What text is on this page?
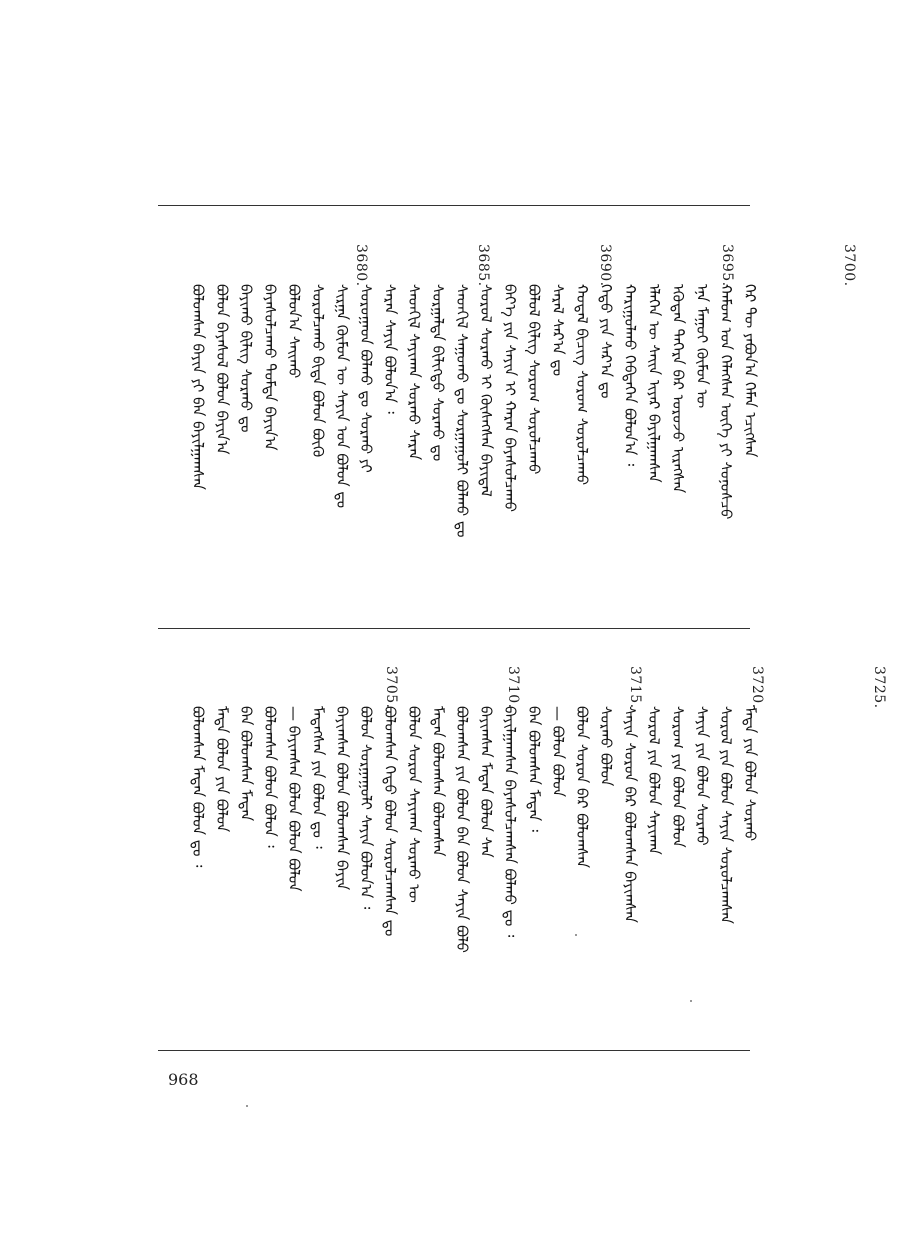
3700.
3695.
3690.
3685.
3680.
ᠭᠡᠷ ᠲᠦ ᠶᠠᠪᠤᠨ᠎ᠠ ᠬᠡᠮᠡᠨ ᠡᠴᠢᠭᠰᠡᠨ
ᠬᠠᠮᠤᠭ ᠤᠨ ᠬᠡᠯᠡᠭᠰᠡᠨ ᠦᠭᠡ ᠶᠢ ᠰᠣᠨᠣᠰᠴᠤ
ᠡᠨᠡ ᠮᠠᠭᠤᠢ ᠬᠦᠮᠦᠨ ᠦ
ᠡᠭᠦᠳᠡᠨ ᠳᠡᠭᠡᠷᠡ ᠪᠡᠷ ᠣᠷᠣᠵᠤ ᠢᠷᠡᠭᠰᠡᠨ
ᠡᠯᠡᠭᠡᠨ ᠦ ᠰᠠᠢᠨ ᠢᠶᠠᠷ ᠪᠠᠶᠢᠯᠭᠠᠭᠰᠠᠨ
ᠬᠠᠷᠢᠭᠤᠯᠬᠤ ᠬᠡᠪᠲᠡᠭᠡᠨ ᠪᠣᠯᠤᠨ᠎ᠠ ᠄
ᠬᠡᠳᠦ ᠶᠢᠨ ᠰᠠᠷ᠎ᠠ ᠳᠤ
ᠬᠤᠳᠠᠯ ᠪᠢᠴᠢᠭ ᠰᠤᠷᠤᠭ ᠰᠤᠷᠤᠯᠴᠠᠬᠤ
ᠰᠠᠷᠠᠯ ᠰᠠᠷ᠎ᠠ ᠳᠤ
ᠪᠣᠯᠤᠯ ᠪᠢᠯᠢᠭ ᠰᠤᠷᠤᠭ ᠰᠤᠷᠤᠯᠴᠠᠬᠤ
ᠪᠡᠶ᠎ᠡ ᠶᠢᠨ ᠰᠠᠶᠢᠨ ᠢ ᠬᠠᠷᠠᠨ ᠪᠠᠶᠠᠰᠤᠯᠴᠠᠬᠤ
ᠰᠤᠷᠤᠯ ᠰᠤᠷᠬᠤ ᠢ ᠬᠦᠰᠡᠭᠰᠡᠨ ᠪᠠᠶᠢᠳᠠᠯ
ᠰᠡᠳᠬᠢᠯ ᠰᠠᠭᠤᠬᠤ ᠳᠤ ᠰᠤᠷᠭᠠᠭᠤᠯᠢ ᠪᠣᠯᠬᠤ ᠳᠤ
ᠰᠤᠷᠭᠠᠯᠳᠠ ᠪᠢᠯᠢᠭᠲᠦ ᠰᠤᠷᠬᠤ ᠳᠤ
ᠰᠡᠳᠬᠢᠯ ᠰᠠᠶᠢᠬᠠᠨ ᠰᠤᠷᠬᠤ ᠰᠠᠷᠠᠨ
ᠰᠠᠷᠠᠨ ᠰᠠᠶᠢᠨ ᠪᠣᠯᠤᠨ᠎ᠠ ᠄
ᠰᠤᠷᠤᠭᠠᠳ ᠪᠣᠯᠬᠤ ᠳᠤ ᠰᠤᠷᠬᠤ ᠶᠢ
ᠰᠢᠷᠭᠠ ᠬᠦᠮᠦᠨ ᠦ ᠰᠠᠶᠢᠨ ᠤᠨ ᠪᠣᠯᠤᠨ ᠳᠤ
ᠰᠤᠷᠤᠯᠴᠠᠬᠤ ᠪᠢᠳᠡ ᠪᠣᠯᠤᠨ ᠪᠦᠬᠦ
ᠪᠣᠯᠤᠨ᠎ᠠ ᠰᠠᠢᠬᠤ
ᠪᠡᠶᠡᠰᠤᠯᠴᠠᠬᠤ ᠳᠤᠮᠳᠠ ᠪᠠᠶᠢᠨ᠎ᠠ
ᠪᠠᠶᠢᠬᠤ ᠪᠢᠯᠢᠭ ᠰᠤᠷᠬᠤ ᠳᠤ
ᠪᠣᠯᠤᠨ ᠪᠠᠶᠠᠰᠤᠯ ᠪᠣᠯᠤᠨ ᠪᠠᠶᠢᠨ᠎ᠠ
ᠪᠣᠯᠤᠭᠰᠠᠨ ᠪᠠᠶᠢᠨ ᠶᠢ ᠪᠠᠨ ᠪᠠᠶᠢᠯᠭᠠᠭᠰᠠᠨ
3725.
3720.
3715.
3710.
3705.
ᠮᠡᠳᠡ ᠶᠢᠨ ᠪᠣᠯᠤᠨ ᠰᠤᠷᠬᠤ
ᠰᠤᠷᠤᠯ ᠶᠢᠨ ᠪᠣᠯᠤᠨ ᠰᠠᠶᠢᠨ ᠰᠤᠷᠤᠯᠴᠠᠭᠰᠠᠨ
ᠰᠠᠶᠢᠨ ᠶᠢᠨ ᠪᠣᠯᠤᠨ ᠰᠤᠷᠬᠤ
ᠰᠤᠷᠤᠭ ᠶᠢᠨ ᠪᠣᠯᠤᠨ ᠪᠣᠯᠤᠨ
ᠰᠤᠷᠤᠯ ᠶᠢᠨ ᠪᠣᠯᠤᠨ ᠰᠠᠶᠢᠬᠠᠨ
ᠰᠠᠶᠢᠨ ᠰᠤᠷᠤᠨ ᠪᠡᠷ ᠪᠣᠯᠤᠭᠰᠠᠨ ᠪᠠᠶᠢᠭᠰᠠᠨ
ᠰᠤᠷᠬᠤ ᠪᠣᠯᠤᠨ
ᠪᠣᠯᠤᠨ ᠰᠤᠷᠤᠨ ᠪᠡᠷ ᠪᠣᠯᠤᠭᠰᠠᠨ
— ᠪᠣᠯᠤᠨ ᠪᠣᠯᠤᠨ
ᠪᠠᠨ ᠪᠣᠯᠤᠭᠰᠠᠨ ᠮᠡᠳᠡᠨ ᠄
ᠪᠠᠶᠢᠯᠭᠠᠭᠰᠠᠨ ᠪᠠᠶᠠᠰᠤᠯᠴᠠᠭᠰᠠᠨ ᠪᠣᠯᠬᠤ ᠳᠤ ᠄
ᠪᠠᠶᠢᠭᠰᠠᠨ ᠮᠡᠳᠡᠨ ᠪᠣᠯᠤᠨ ᠰᠠᠨ
ᠪᠣᠯᠤᠭᠰᠠᠨ ᠶᠢᠨ ᠪᠣᠯᠤᠨ ᠪᠠᠨ ᠪᠣᠯᠤᠨ ᠰᠠᠶᠢᠨ ᠪᠣᠯᠤ
ᠮᠡᠳᠡᠨ ᠪᠣᠯᠤᠭᠰᠠᠨ ᠪᠣᠯᠤᠭᠰᠠᠨ
ᠪᠣᠯᠤᠨ ᠰᠤᠷᠤᠨ ᠰᠠᠶᠢᠬᠠᠨ ᠰᠤᠷᠬᠤ ᠦ
ᠪᠣᠯᠤᠭᠰᠠᠨ ᠬᠡᠳᠦ ᠪᠣᠯᠤᠨ ᠰᠤᠷᠤᠯᠴᠠᠭᠰᠠᠨ ᠳᠤ
ᠪᠣᠯᠤᠨ ᠰᠤᠷᠭᠠᠭᠤᠯᠢ ᠰᠠᠶᠢᠨ ᠪᠣᠯᠤᠨ᠎ᠠ ᠄
ᠪᠠᠶᠢᠭᠰᠠᠨ ᠪᠣᠯᠤᠨ ᠪᠣᠯᠤᠭᠰᠠᠨ ᠪᠠᠶᠢᠨ
ᠮᠡᠳᠡᠭᠰᠡᠨ ᠶᠢᠨ ᠪᠣᠯᠤᠨ ᠳᠤ ᠄
— ᠪᠠᠶᠢᠭᠰᠠᠨ ᠪᠣᠯᠤᠨ ᠪᠣᠯᠤᠨ ᠪᠣᠯᠤᠨ
ᠪᠣᠯᠤᠭᠰᠠᠨ ᠪᠣᠯᠤᠨ ᠪᠣᠯᠤᠨ ᠄
ᠪᠠᠨ ᠪᠣᠯᠤᠭᠰᠠᠨ ᠮᠡᠳᠡᠨ
ᠮᠡᠳᠡ ᠪᠣᠯᠤᠨ ᠶᠢᠨ ᠪᠣᠯᠤᠨ
ᠪᠣᠯᠤᠭᠰᠠᠨ ᠮᠡᠳᠡᠨ ᠪᠣᠯᠤᠨ ᠳᠤ ᠄
968
